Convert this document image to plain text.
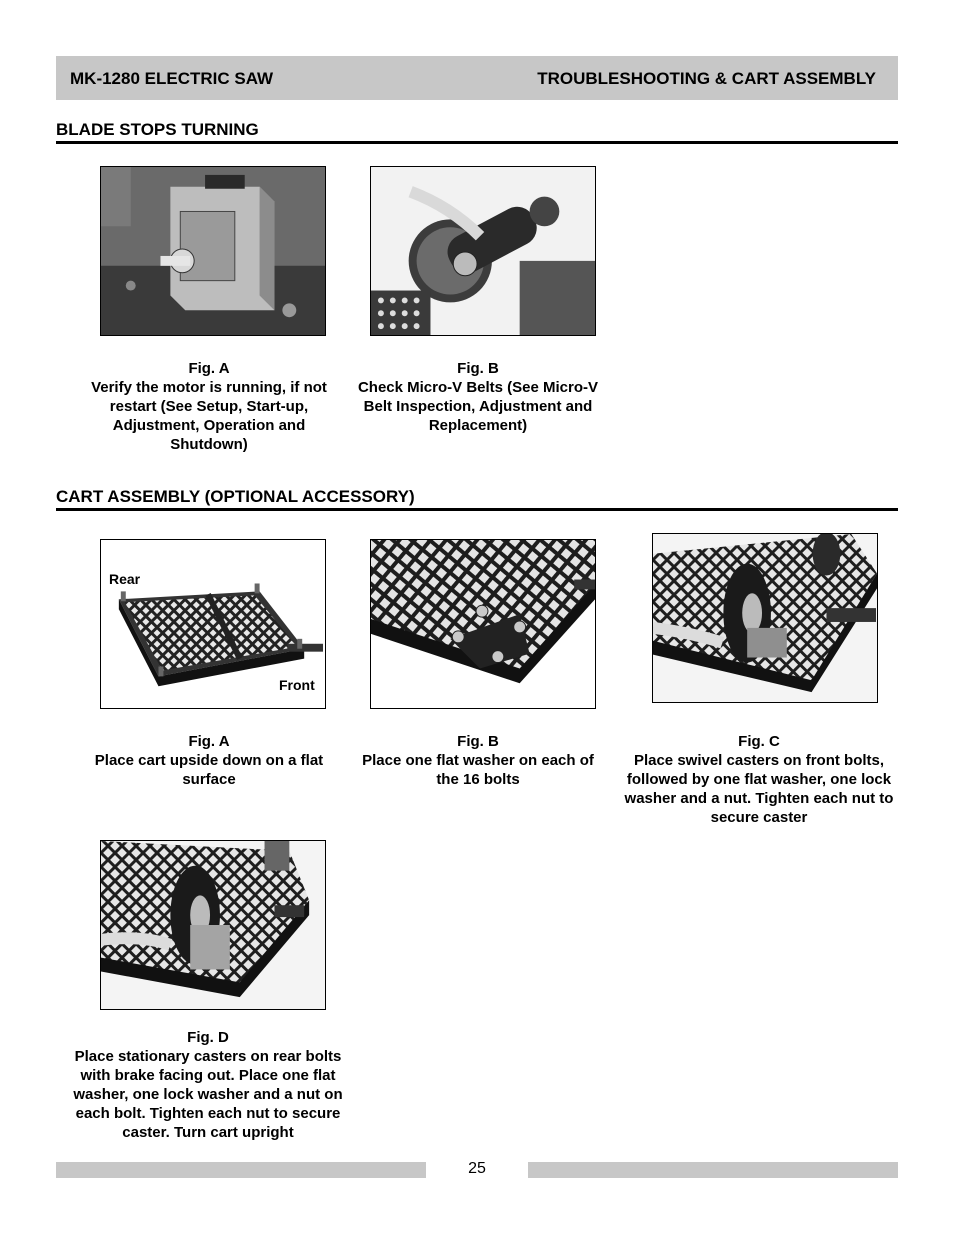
MK-1280 ELECTRIC SAW	TROUBLESHOOTING & CART ASSEMBLY
BLADE STOPS TURNING
Fig. A
Verify the motor is running, if not restart (See Setup, Start-up, Adjustment, Operation and Shutdown)
Fig. B
Check Micro-V Belts (See Micro-V Belt Inspection, Adjustment and Replacement)
CART ASSEMBLY (OPTIONAL ACCESSORY)
Rear
Front
Fig. A
Place cart upside down on a flat surface
Fig. B
Place one flat washer on each of the 16 bolts
Fig. C
Place swivel casters on front bolts, followed by one flat washer, one lock washer and a nut. Tighten each nut to secure caster
Fig. D
Place stationary casters on rear bolts with brake facing out. Place one flat washer, one lock washer and a nut on each bolt. Tighten each nut to secure caster. Turn cart upright
25
